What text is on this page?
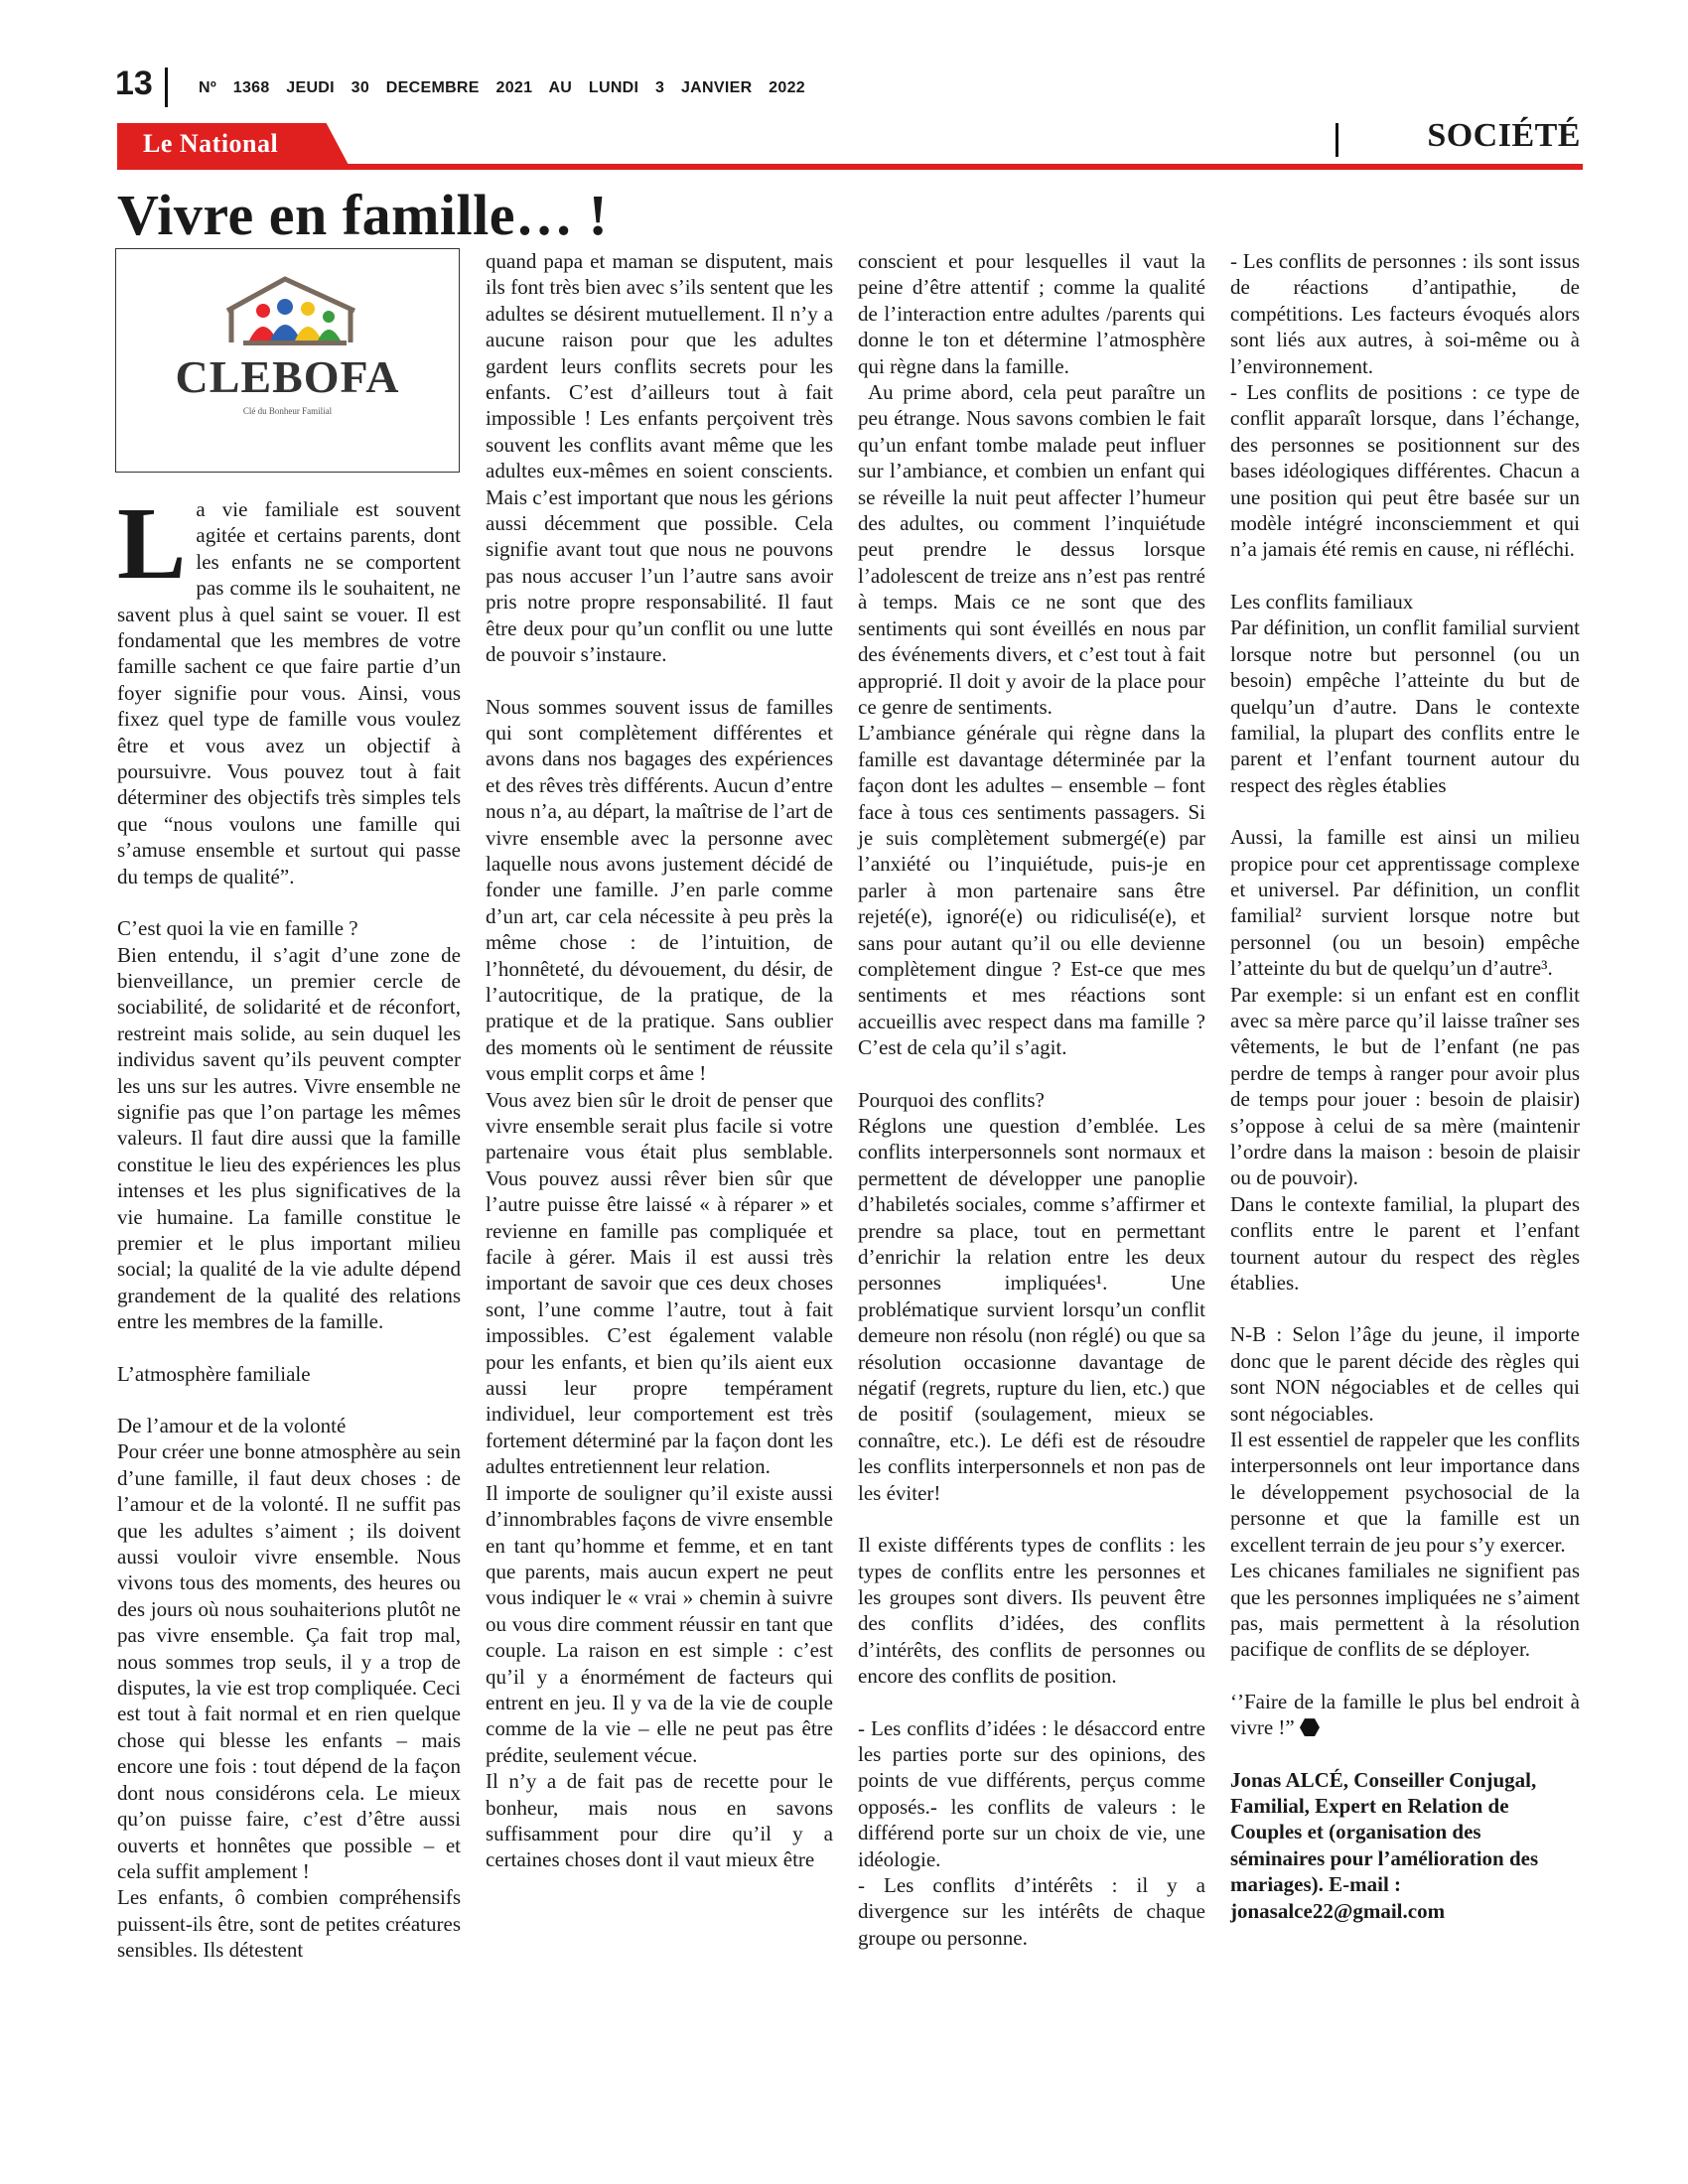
13	Nº 1368 JEUDI 30 DECEMBRE 2021 AU LUNDI 3 JANVIER 2022
Le National	SOCIÉTÉ
Vivre en famille… !
CLEBOFA
Clé du Bonheur Familial

La vie familiale est souvent agitée et certains parents, dont les enfants ne se comportent pas comme ils le souhaitent, ne savent plus à quel saint se vouer. Il est fondamental que les membres de votre famille sachent ce que faire partie d’un foyer signifie pour vous. Ainsi, vous fixez quel type de famille vous voulez être et vous avez un objectif à poursuivre. Vous pouvez tout à fait déterminer des objectifs très simples tels que “nous voulons une famille qui s’amuse ensemble et surtout qui passe du temps de qualité”.

C’est quoi la vie en famille ?

Bien entendu, il s’agit d’une zone de bienveillance, un premier cercle de sociabilité, de solidarité et de réconfort, restreint mais solide, au sein duquel les individus savent qu’ils peuvent compter les uns sur les autres. Vivre ensemble ne signifie pas que l’on partage les mêmes valeurs. Il faut dire aussi que la famille constitue le lieu des expériences les plus intenses et les plus significatives de la vie humaine. La famille constitue le premier et le plus important milieu social; la qualité de la vie adulte dépend grandement de la qualité des relations entre les membres de la famille.

L’atmosphère familiale

De l’amour et de la volonté

Pour créer une bonne atmosphère au sein d’une famille, il faut deux choses : de l’amour et de la volonté. Il ne suffit pas que les adultes s’aiment ; ils doivent aussi vouloir vivre ensemble. Nous vivons tous des moments, des heures ou des jours où nous souhaiterions plutôt ne pas vivre ensemble. Ça fait trop mal, nous sommes trop seuls, il y a trop de disputes, la vie est trop compliquée. Ceci est tout à fait normal et en rien quelque chose qui blesse les enfants – mais encore une fois : tout dépend de la façon dont nous considérons cela. Le mieux qu’on puisse faire, c’est d’être aussi ouverts et honnêtes que possible – et cela suffit amplement !

Les enfants, ô combien compréhensifs puissent-ils être, sont de petites créatures sensibles. Ils détestent

quand papa et maman se disputent, mais ils font très bien avec s’ils sentent que les adultes se désirent mutuellement. Il n’y a aucune raison pour que les adultes gardent leurs conflits secrets pour les enfants. C’est d’ailleurs tout à fait impossible ! Les enfants perçoivent très souvent les conflits avant même que les adultes eux-mêmes en soient conscients. Mais c’est important que nous les gérions aussi décemment que possible. Cela signifie avant tout que nous ne pouvons pas nous accuser l’un l’autre sans avoir pris notre propre responsabilité. Il faut être deux pour qu’un conflit ou une lutte de pouvoir s’instaure.

Nous sommes souvent issus de familles qui sont complètement différentes et avons dans nos bagages des expériences et des rêves très différents. Aucun d’entre nous n’a, au départ, la maîtrise de l’art de vivre ensemble avec la personne avec laquelle nous avons justement décidé de fonder une famille. J’en parle comme d’un art, car cela nécessite à peu près la même chose : de l’intuition, de l’honnêteté, du dévouement, du désir, de l’autocritique, de la pratique, de la pratique et de la pratique. Sans oublier des moments où le sentiment de réussite vous emplit corps et âme !

Vous avez bien sûr le droit de penser que vivre ensemble serait plus facile si votre partenaire vous était plus semblable. Vous pouvez aussi rêver bien sûr que l’autre puisse être laissé « à réparer » et revienne en famille pas compliquée et facile à gérer. Mais il est aussi très important de savoir que ces deux choses sont, l’une comme l’autre, tout à fait impossibles. C’est également valable pour les enfants, et bien qu’ils aient eux aussi leur propre tempérament individuel, leur comportement est très fortement déterminé par la façon dont les adultes entretiennent leur relation.

Il importe de souligner qu’il existe aussi d’innombrables façons de vivre ensemble en tant qu’homme et femme, et en tant que parents, mais aucun expert ne peut vous indiquer le « vrai » chemin à suivre ou vous dire comment réussir en tant que couple. La raison en est simple : c’est qu’il y a énormément de facteurs qui entrent en jeu. Il y va de la vie de couple comme de la vie – elle ne peut pas être prédite, seulement vécue.

Il n’y a de fait pas de recette pour le bonheur, mais nous en savons suffisamment pour dire qu’il y a certaines choses dont il vaut mieux être

conscient et pour lesquelles il vaut la peine d’être attentif ; comme la qualité de l’interaction entre adultes /parents qui donne le ton et détermine l’atmosphère qui règne dans la famille.

Au prime abord, cela peut paraître un peu étrange. Nous savons combien le fait qu’un enfant tombe malade peut influer sur l’ambiance, et combien un enfant qui se réveille la nuit peut affecter l’humeur des adultes, ou comment l’inquiétude peut prendre le dessus lorsque l’adolescent de treize ans n’est pas rentré à temps. Mais ce ne sont que des sentiments qui sont éveillés en nous par des événements divers, et c’est tout à fait approprié. Il doit y avoir de la place pour ce genre de sentiments.

L’ambiance générale qui règne dans la famille est davantage déterminée par la façon dont les adultes – ensemble – font face à tous ces sentiments passagers. Si je suis complètement submergé(e) par l’anxiété ou l’inquiétude, puis-je en parler à mon partenaire sans être rejeté(e), ignoré(e) ou ridiculisé(e), et sans pour autant qu’il ou elle devienne complètement dingue ? Est-ce que mes sentiments et mes réactions sont accueillis avec respect dans ma famille ? C’est de cela qu’il s’agit.

Pourquoi des conflits?

Réglons une question d’emblée. Les conflits interpersonnels sont normaux et permettent de développer une panoplie d’habiletés sociales, comme s’affirmer et prendre sa place, tout en permettant d’enrichir la relation entre les deux personnes impliquées¹. Une problématique survient lorsqu’un conflit demeure non résolu (non réglé) ou que sa résolution occasionne davantage de négatif (regrets, rupture du lien, etc.) que de positif (soulagement, mieux se connaître, etc.). Le défi est de résoudre les conflits interpersonnels et non pas de les éviter!

Il existe différents types de conflits : les types de conflits entre les personnes et les groupes sont divers. Ils peuvent être des conflits d’idées, des conflits d’intérêts, des conflits de personnes ou encore des conflits de position.

- Les conflits d’idées : le désaccord entre les parties porte sur des opinions, des points de vue différents, perçus comme opposés.- les conflits de valeurs : le différend porte sur un choix de vie, une idéologie.

- Les conflits d’intérêts : il y a divergence sur les intérêts de chaque groupe ou personne.

- Les conflits de personnes : ils sont issus de réactions d’antipathie, de compétitions. Les facteurs évoqués alors sont liés aux autres, à soi-même ou à l’environnement.

- Les conflits de positions : ce type de conflit apparaît lorsque, dans l’échange, des personnes se positionnent sur des bases idéologiques différentes. Chacun a une position qui peut être basée sur un modèle intégré inconsciemment et qui n’a jamais été remis en cause, ni réfléchi.

Les conflits familiaux

Par définition, un conflit familial survient lorsque notre but personnel (ou un besoin) empêche l’atteinte du but de quelqu’un d’autre. Dans le contexte familial, la plupart des conflits entre le parent et l’enfant tournent autour du respect des règles établies

Aussi, la famille est ainsi un milieu propice pour cet apprentissage complexe et universel. Par définition, un conflit familial² survient lorsque notre but personnel (ou un besoin) empêche l’atteinte du but de quelqu’un d’autre³.

Par exemple: si un enfant est en conflit avec sa mère parce qu’il laisse traîner ses vêtements, le but de l’enfant (ne pas perdre de temps à ranger pour avoir plus de temps pour jouer : besoin de plaisir) s’oppose à celui de sa mère (maintenir l’ordre dans la maison : besoin de plaisir ou de pouvoir).

Dans le contexte familial, la plupart des conflits entre le parent et l’enfant tournent autour du respect des règles établies.

N-B : Selon l’âge du jeune, il importe donc que le parent décide des règles qui sont NON négociables et de celles qui sont négociables.

Il est essentiel de rappeler que les conflits interpersonnels ont leur importance dans le développement psychosocial de la personne et que la famille est un excellent terrain de jeu pour s’y exercer.

Les chicanes familiales ne signifient pas que les personnes impliquées ne s’aiment pas, mais permettent à la résolution pacifique de conflits de se déployer.

‘’Faire de la famille le plus bel endroit à vivre !”

Jonas ALCÉ, Conseiller Conjugal, Familial, Expert en Relation de Couples et (organisation des séminaires pour l’amélioration des mariages). E-mail : jonasalce22@gmail.com
